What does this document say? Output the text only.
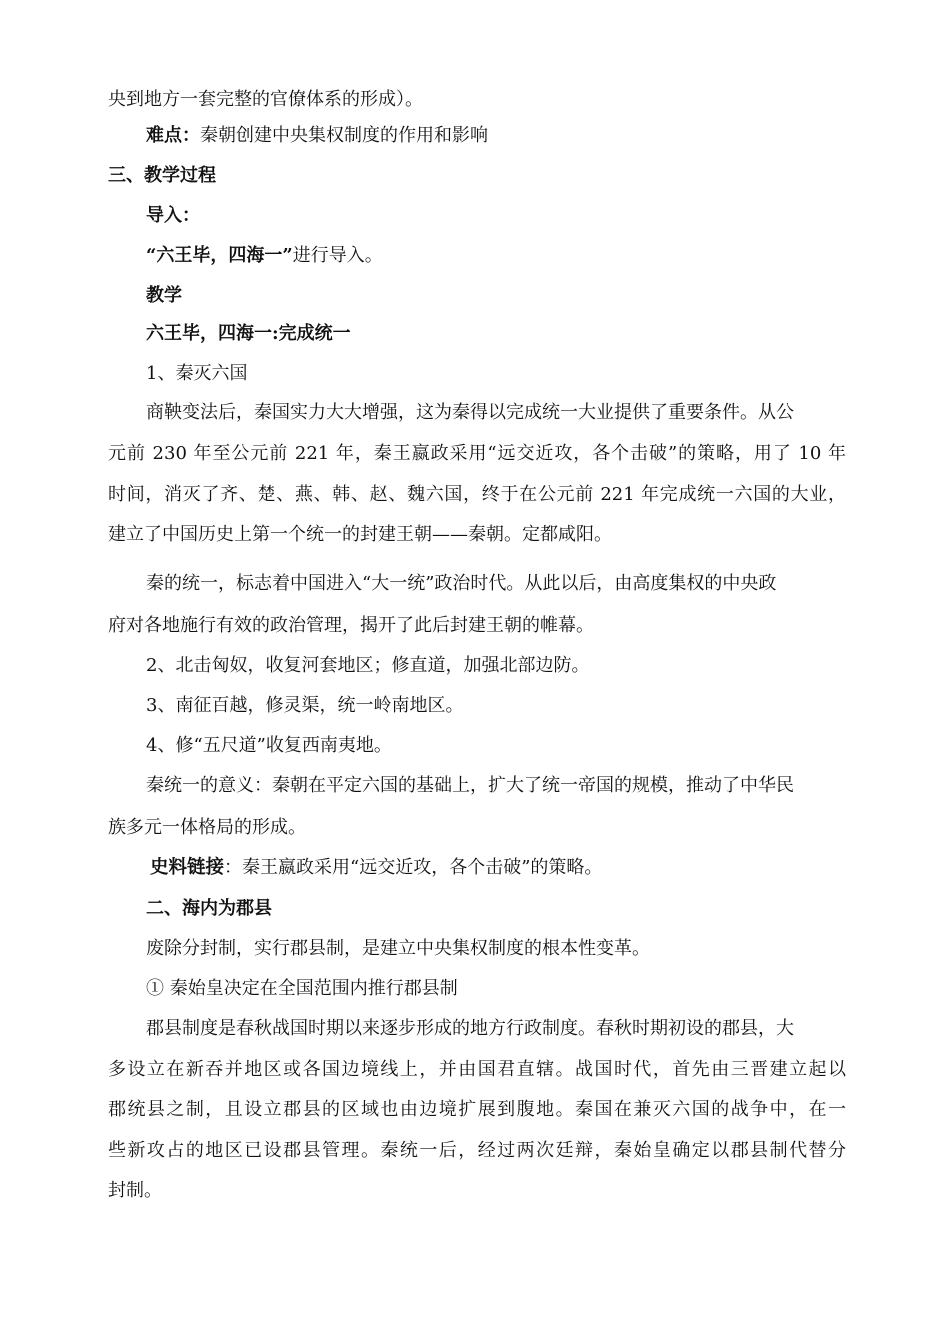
央到地方一套完整的官僚体系的形成）。
难点：秦朝创建中央集权制度的作用和影响
三、教学过程
导入：
“六王毕，四海一”进行导入。
教学
六王毕，四海一:完成统一
1、秦灭六国
商鞅变法后，秦国实力大大增强，这为秦得以完成统一大业提供了重要条件。从公
元前 230 年至公元前 221 年，秦王嬴政采用“远交近攻，各个击破”的策略，用了 10 年
时间，消灭了齐、楚、燕、韩、赵、魏六国，终于在公元前 221 年完成统一六国的大业，
建立了中国历史上第一个统一的封建王朝——秦朝。定都咸阳。
秦的统一，标志着中国进入“大一统”政治时代。从此以后，由高度集权的中央政
府对各地施行有效的政治管理，揭开了此后封建王朝的帷幕。
2、北击匈奴，收复河套地区；修直道，加强北部边防。
3、南征百越，修灵渠，统一岭南地区。
4、修“五尺道”收复西南夷地。
秦统一的意义：秦朝在平定六国的基础上，扩大了统一帝国的规模，推动了中华民
族多元一体格局的形成。
史料链接：秦王嬴政采用“远交近攻，各个击破”的策略。
二、海内为郡县
废除分封制，实行郡县制，是建立中央集权制度的根本性变革。
① 秦始皇决定在全国范围内推行郡县制
郡县制度是春秋战国时期以来逐步形成的地方行政制度。春秋时期初设的郡县，大
多设立在新吞并地区或各国边境线上，并由国君直辖。战国时代，首先由三晋建立起以
郡统县之制，且设立郡县的区域也由边境扩展到腹地。秦国在兼灭六国的战争中，在一
些新攻占的地区已设郡县管理。秦统一后，经过两次廷辩，秦始皇确定以郡县制代替分
封制。
